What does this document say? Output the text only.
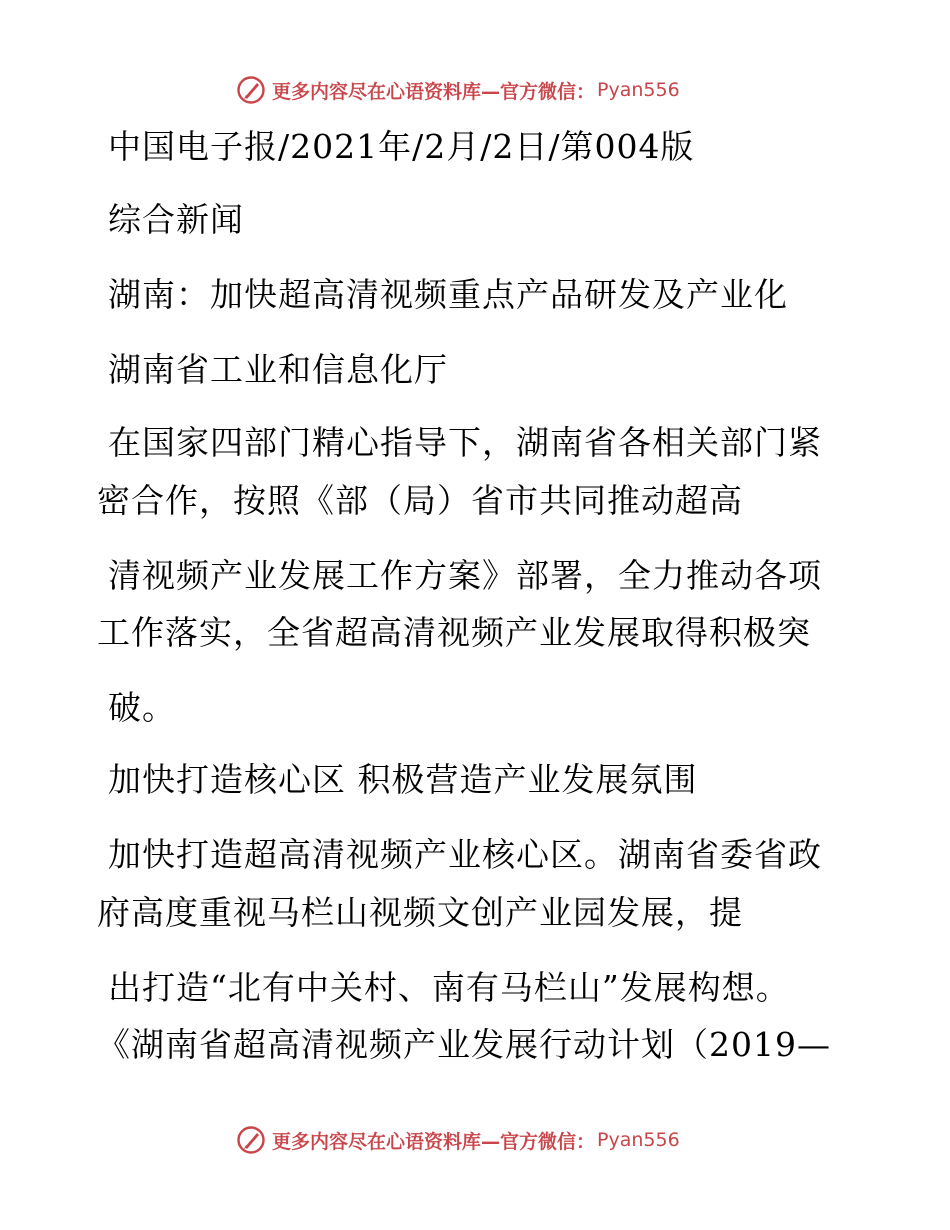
更多内容尽在心语资料库—官方微信： Pyan556
中国电子报/2021年/2月/2日/第004版
综合新闻
湖南：加快超高清视频重点产品研发及产业化
湖南省工业和信息化厅
在国家四部门精心指导下，湖南省各相关部门紧
密合作，按照《部（局）省市共同推动超高
清视频产业发展工作方案》部署，全力推动各项
工作落实，全省超高清视频产业发展取得积极突
破。
加快打造核心区 积极营造产业发展氛围
加快打造超高清视频产业核心区。湖南省委省政
府高度重视马栏山视频文创产业园发展，提
出打造“北有中关村、南有马栏山”发展构想。
《湖南省超高清视频产业发展行动计划（2019—
更多内容尽在心语资料库—官方微信： Pyan556
